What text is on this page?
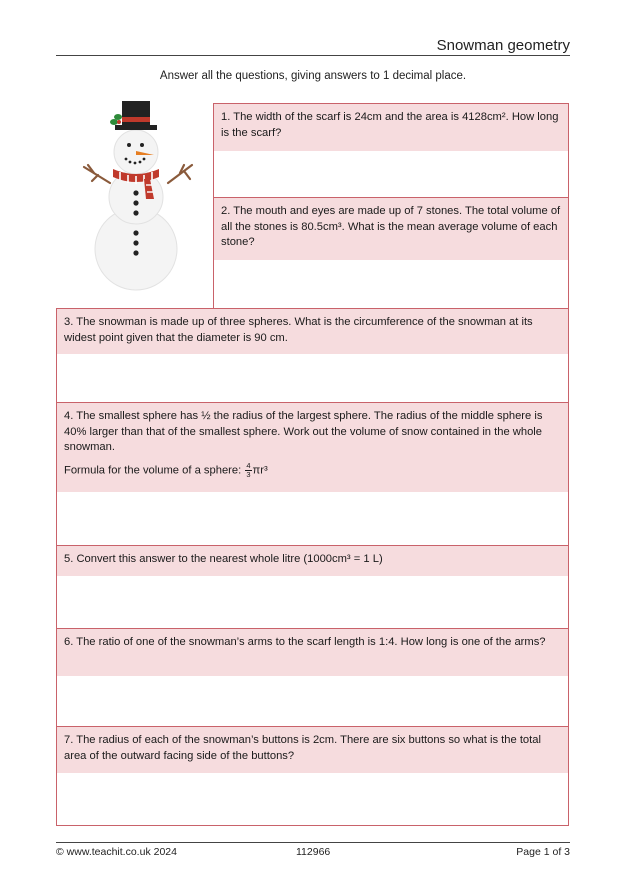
Snowman geometry
Answer all the questions, giving answers to 1 decimal place.

1. The width of the scarf is 24cm and the area is 4128cm². How long is the scarf?

2. The mouth and eyes are made up of 7 stones. The total volume of all the stones is 80.5cm³. What is the mean average volume of each stone?

3. The snowman is made up of three spheres. What is the circumference of the snowman at its widest point given that the diameter is 90 cm.

4. The smallest sphere has ½ the radius of the largest sphere. The radius of the middle sphere is 40% larger than that of the smallest sphere. Work out the volume of snow contained in the whole snowman.

Formula for the volume of a sphere: $\frac{4}{3} \pi r^3$

5. Convert this answer to the nearest whole litre (1000cm³ = 1 L)

6. The ratio of one of the snowman’s arms to the scarf length is 1:4. How long is one of the arms?

7. The radius of each of the snowman’s buttons is 2cm. There are six buttons so what is the total area of the outward facing side of the buttons?

© www.teachit.co.uk 2024	112966	Page 1 of 3
